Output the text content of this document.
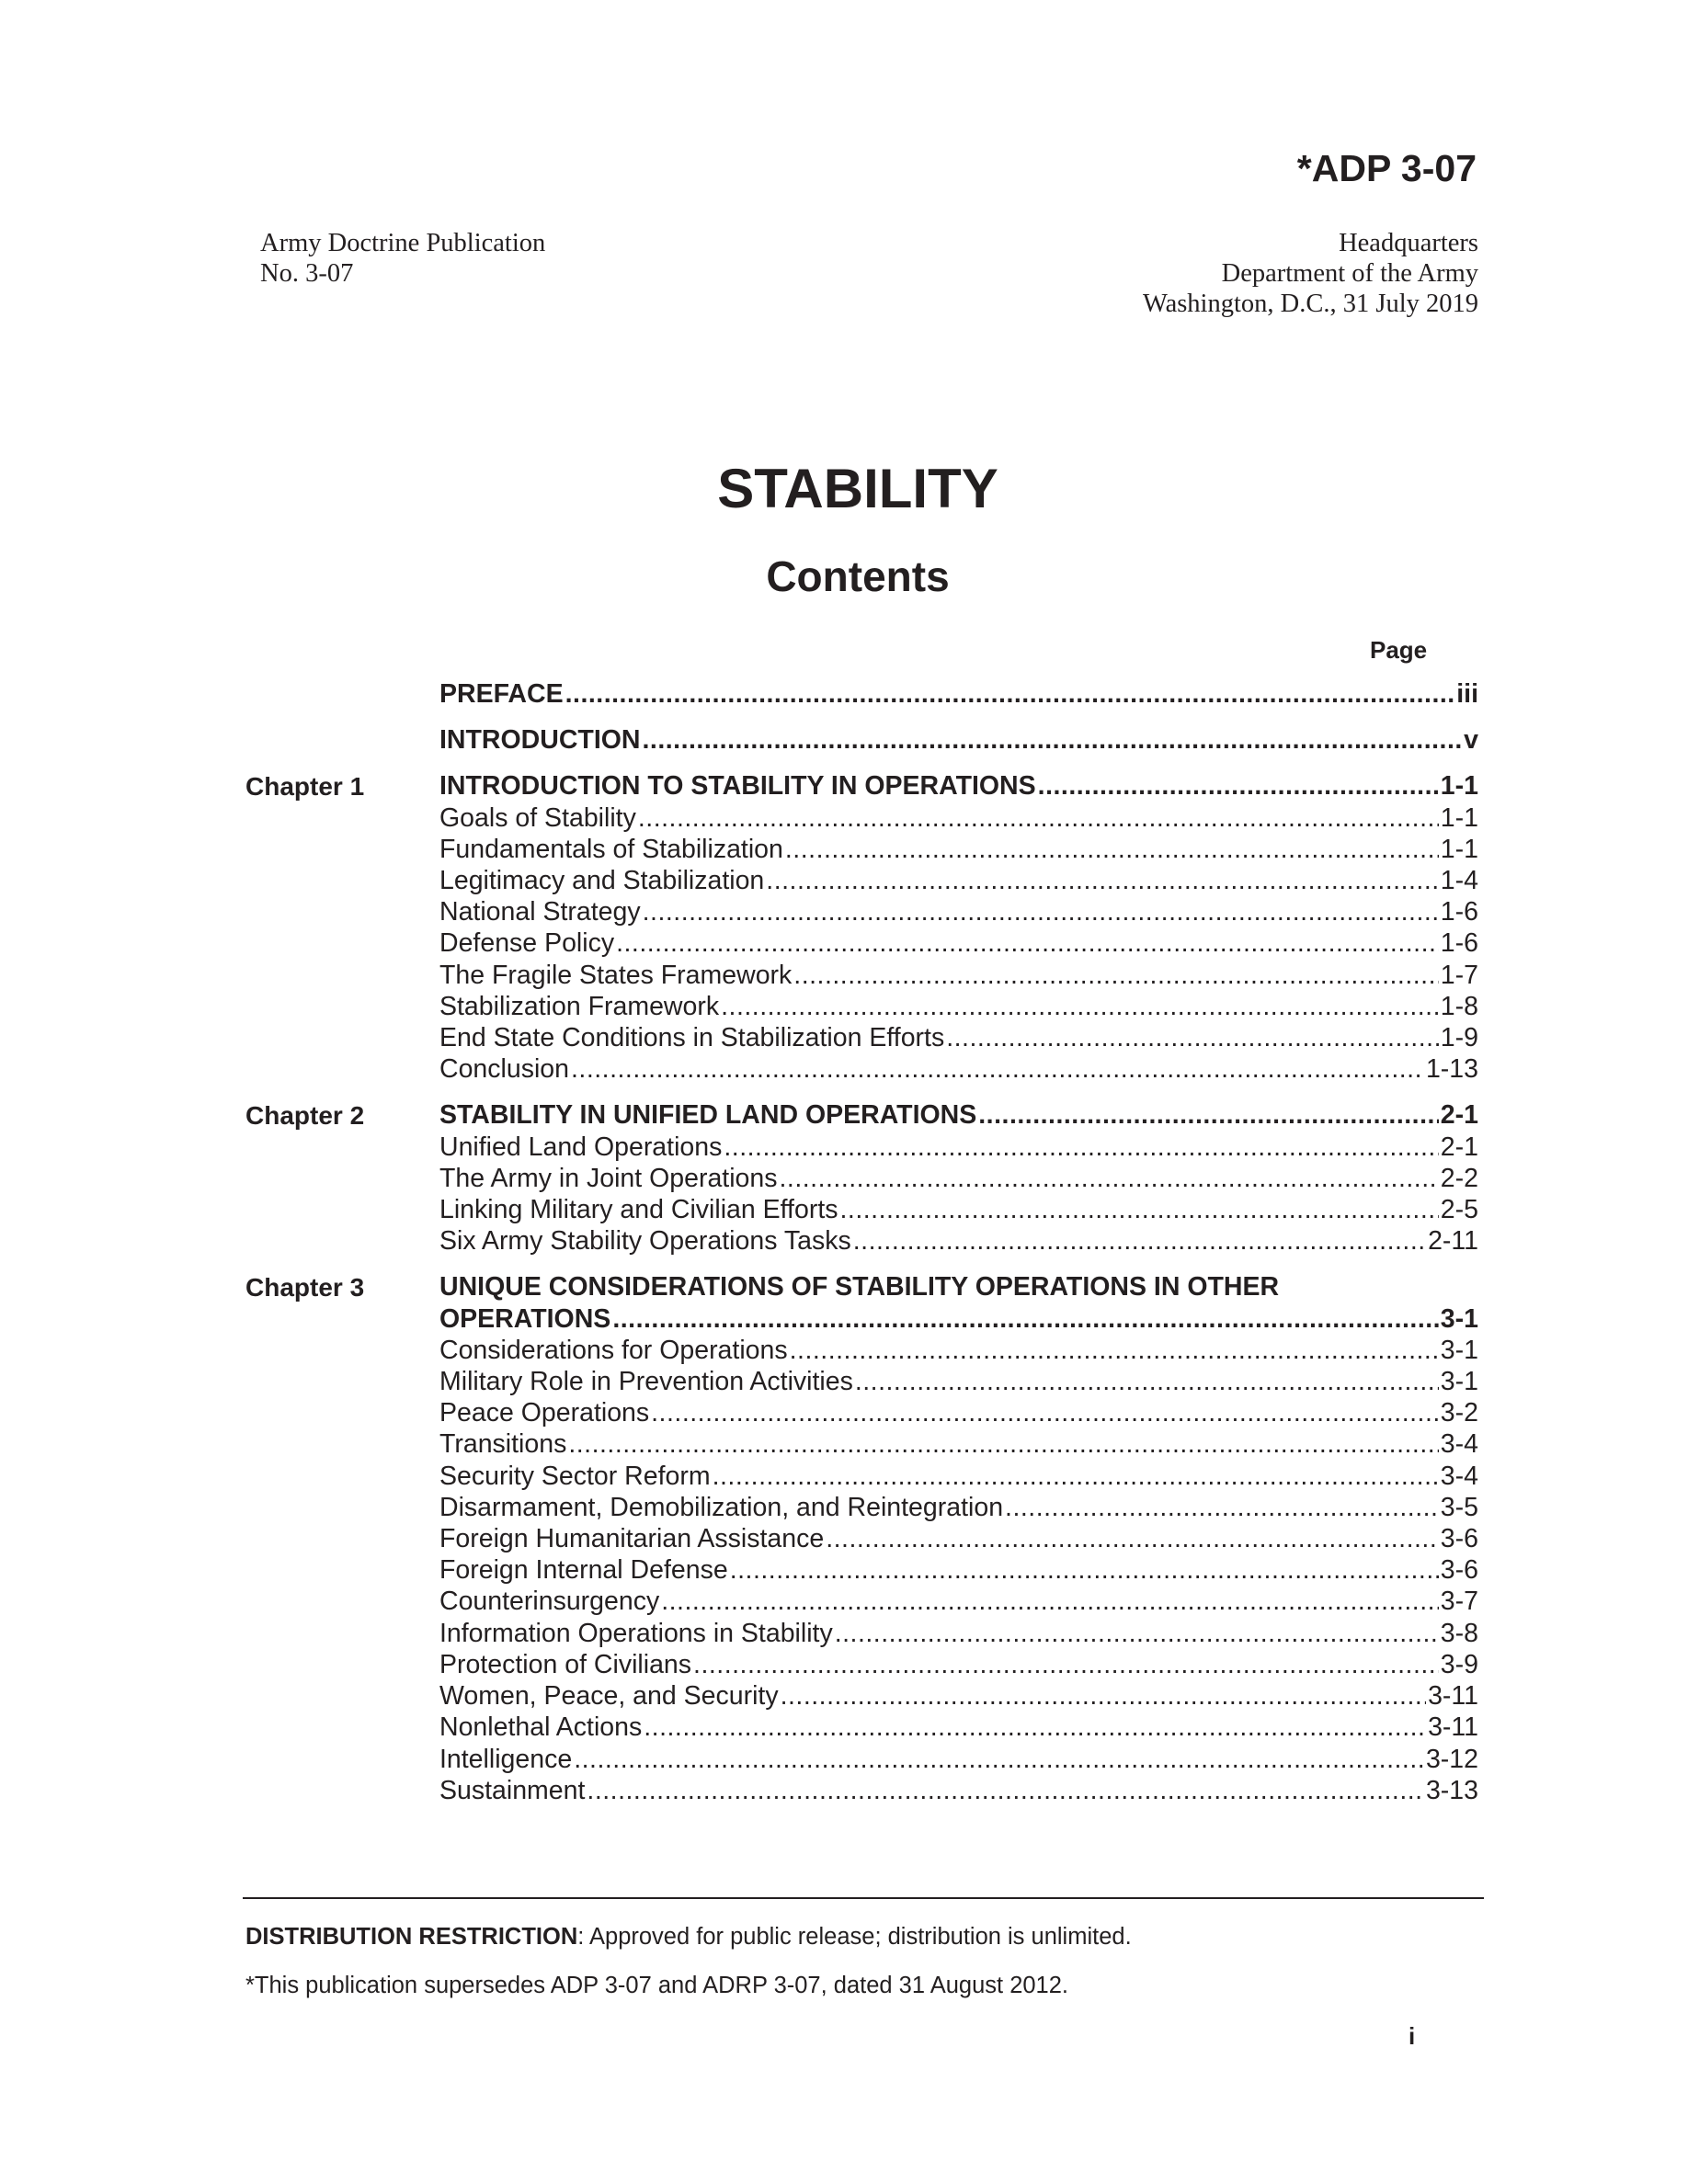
*ADP 3-07
Army Doctrine Publication
No. 3-07
Headquarters
Department of the Army
Washington, D.C., 31 July 2019
STABILITY
Contents
Page
PREFACE .....	iii
INTRODUCTION .....	v
Chapter 1	INTRODUCTION TO STABILITY IN OPERATIONS .....	1-1
Goals of Stability .....	1-1
Fundamentals of Stabilization .....	1-1
Legitimacy and Stabilization .....	1-4
National Strategy .....	1-6
Defense Policy .....	1-6
The Fragile States Framework .....	1-7
Stabilization Framework .....	1-8
End State Conditions in Stabilization Efforts .....	1-9
Conclusion .....	1-13
Chapter 2	STABILITY IN UNIFIED LAND OPERATIONS .....	2-1
Unified Land Operations .....	2-1
The Army in Joint Operations .....	2-2
Linking Military and Civilian Efforts .....	2-5
Six Army Stability Operations Tasks .....	2-11
Chapter 3	UNIQUE CONSIDERATIONS OF STABILITY OPERATIONS IN OTHER
OPERATIONS .....	3-1
Considerations for Operations .....	3-1
Military Role in Prevention Activities .....	3-1
Peace Operations .....	3-2
Transitions .....	3-4
Security Sector Reform .....	3-4
Disarmament, Demobilization, and Reintegration .....	3-5
Foreign Humanitarian Assistance .....	3-6
Foreign Internal Defense .....	3-6
Counterinsurgency .....	3-7
Information Operations in Stability .....	3-8
Protection of Civilians .....	3-9
Women, Peace, and Security .....	3-11
Nonlethal Actions .....	3-11
Intelligence .....	3-12
Sustainment .....	3-13
DISTRIBUTION RESTRICTION: Approved for public release; distribution is unlimited.
*This publication supersedes ADP 3-07 and ADRP 3-07, dated 31 August 2012.
i
